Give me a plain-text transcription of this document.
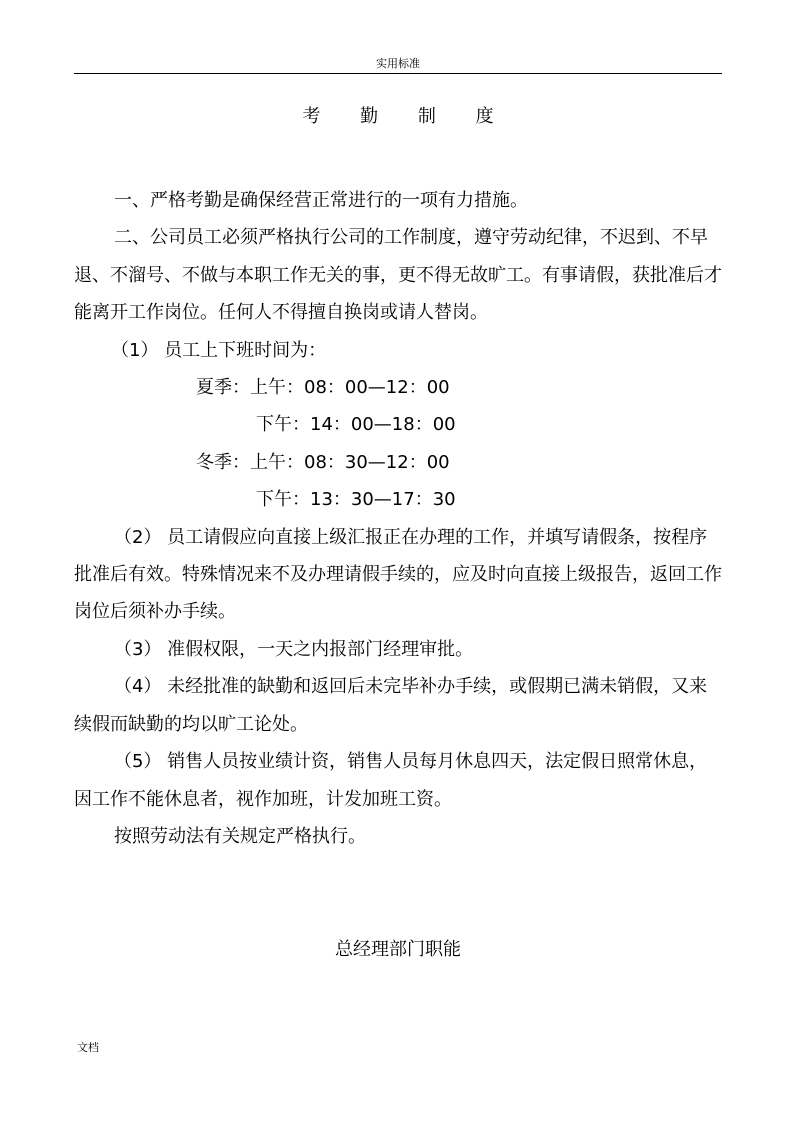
实用标准
考 勤 制 度

一、严格考勤是确保经营正常进行的一项有力措施。

二、公司员工必须严格执行公司的工作制度，遵守劳动纪律，不迟到、不早退、不溜号、不做与本职工作无关的事，更不得无故旷工。有事请假，获批准后才能离开工作岗位。任何人不得擅自换岗或请人替岗。

（1） 员工上下班时间为：

夏季：上午：08：00—12：00

下午：14：00—18：00

冬季：上午：08：30—12：00

下午：13：30—17：30

（2） 员工请假应向直接上级汇报正在办理的工作，并填写请假条，按程序批准后有效。特殊情况来不及办理请假手续的，应及时向直接上级报告，返回工作岗位后须补办手续。

（3） 准假权限，一天之内报部门经理审批。

（4） 未经批准的缺勤和返回后未完毕补办手续，或假期已满未销假，又来续假而缺勤的均以旷工论处。

（5） 销售人员按业绩计资，销售人员每月休息四天，法定假日照常休息，因工作不能休息者，视作加班，计发加班工资。

按照劳动法有关规定严格执行。

总经理部门职能
文档
